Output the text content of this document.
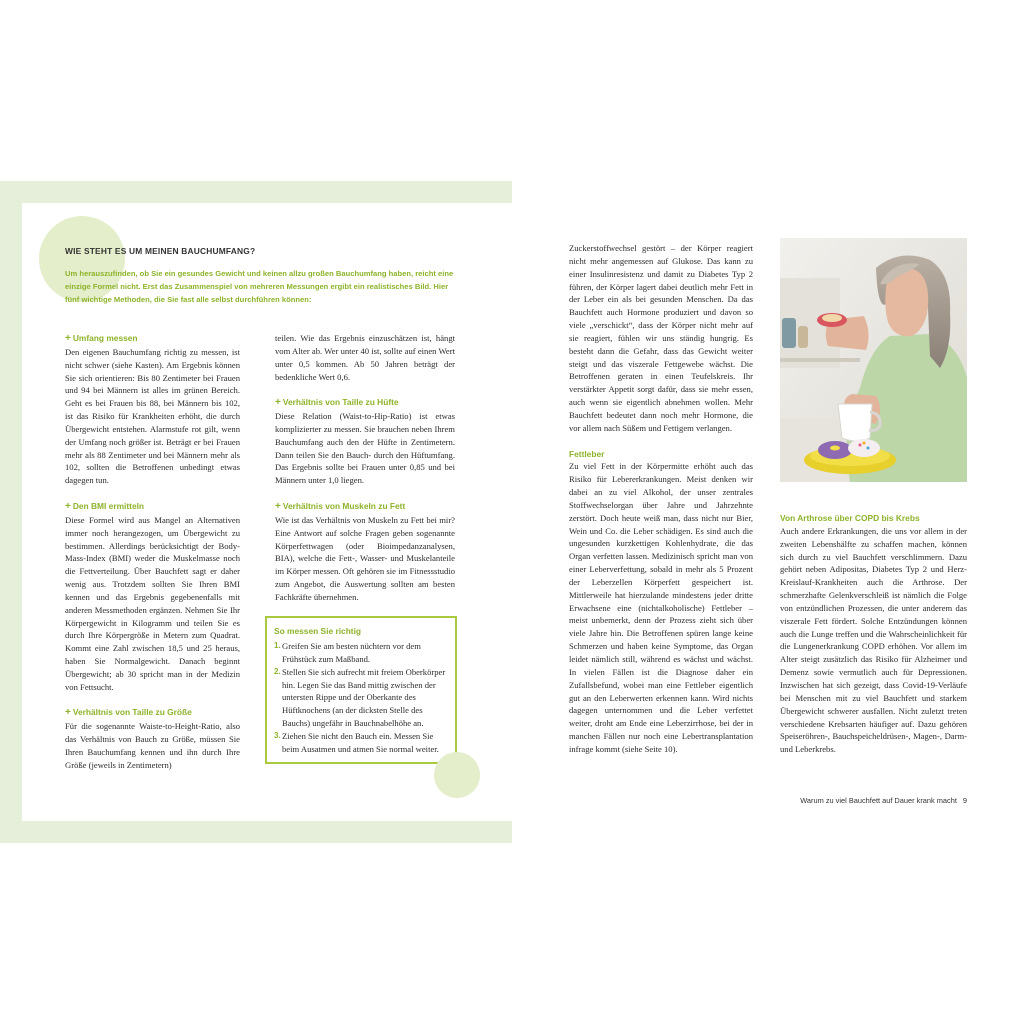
WIE STEHT ES UM MEINEN BAUCHUMFANG?
Um herauszufinden, ob Sie ein gesundes Gewicht und keinen allzu großen Bauchumfang haben, reicht eine einzige Formel nicht. Erst das Zusammenspiel von mehreren Messungen ergibt ein realistisches Bild. Hier fünf wichtige Methoden, die Sie fast alle selbst durchführen können:
+ Umfang messen

Den eigenen Bauchumfang richtig zu messen, ist nicht schwer (siehe Kasten). Am Ergebnis können Sie sich orientieren: Bis 80 Zentimeter bei Frauen und 94 bei Männern ist alles im grünen Bereich. Geht es bei Frauen bis 88, bei Männern bis 102, ist das Risiko für Krankheiten erhöht, die durch Übergewicht entstehen. Alarmstufe rot gilt, wenn der Umfang noch größer ist. Beträgt er bei Frauen mehr als 88 Zentimeter und bei Männern mehr als 102, sollten die Betroffenen unbedingt etwas dagegen tun.

+ Den BMI ermitteln

Diese Formel wird aus Mangel an Alternativen immer noch herangezogen, um Übergewicht zu bestimmen. Allerdings berücksichtigt der Body-Mass-Index (BMI) weder die Muskelmasse noch die Fettverteilung. Über Bauchfett sagt er daher wenig aus. Trotzdem sollten Sie Ihren BMI kennen und das Ergebnis gegebenenfalls mit anderen Messmethoden ergänzen. Nehmen Sie Ihr Körpergewicht in Kilogramm und teilen Sie es durch Ihre Körpergröße in Metern zum Quadrat. Kommt eine Zahl zwischen 18,5 und 25 heraus, haben Sie Normalgewicht. Danach beginnt Übergewicht; ab 30 spricht man in der Medizin von Fettsucht.

+ Verhältnis von Taille zu Größe

Für die sogenannte Waiste-to-Height-Ratio, also das Verhältnis von Bauch zu Größe, müssen Sie Ihren Bauchumfang kennen und ihn durch Ihre Größe (jeweils in Zentimetern)

teilen. Wie das Ergebnis einzuschätzen ist, hängt vom Alter ab. Wer unter 40 ist, sollte auf einen Wert unter 0,5 kommen. Ab 50 Jahren beträgt der bedenkliche Wert 0,6.

+ Verhältnis von Taille zu Hüfte

Diese Relation (Waist-to-Hip-Ratio) ist etwas komplizierter zu messen. Sie brauchen neben Ihrem Bauchumfang auch den der Hüfte in Zentimetern. Dann teilen Sie den Bauch- durch den Hüftumfang. Das Ergebnis sollte bei Frauen unter 0,85 und bei Männern unter 1,0 liegen.

+ Verhältnis von Muskeln zu Fett

Wie ist das Verhältnis von Muskeln zu Fett bei mir? Eine Antwort auf solche Fragen geben sogenannte Körperfettwagen (oder Bioimpedanzanalysen, BIA), welche die Fett-, Wasser- und Muskelanteile im Körper messen. Oft gehören sie im Fitnessstudio zum Angebot, die Auswertung sollten am besten Fachkräfte übernehmen.

So messen Sie richtig
1. Greifen Sie am besten nüchtern vor dem Frühstück zum Maßband.
2. Stellen Sie sich aufrecht mit freiem Oberkörper hin. Legen Sie das Band mittig zwischen der untersten Rippe und der Oberkante des Hüftknochens (an der dicksten Stelle des Bauchs) ungefähr in Bauchnabelhöhe an.
3. Ziehen Sie nicht den Bauch ein. Messen Sie beim Ausatmen und atmen Sie normal weiter.

Zuckerstoffwechsel gestört – der Körper reagiert nicht mehr angemessen auf Glukose. Das kann zu einer Insulinresistenz und damit zu Diabetes Typ 2 führen, der Körper lagert dabei deutlich mehr Fett in der Leber ein als bei gesunden Menschen. Da das Bauchfett auch Hormone produziert und davon so viele „verschickt“, dass der Körper nicht mehr auf sie reagiert, fühlen wir uns ständig hungrig. Es besteht dann die Gefahr, dass das Gewicht weiter steigt und das viszerale Fettgewebe wächst. Die Betroffenen geraten in einen Teufelskreis. Ihr verstärkter Appetit sorgt dafür, dass sie mehr essen, auch wenn sie eigentlich abnehmen wollen. Mehr Bauchfett bedeutet dann noch mehr Hormone, die vor allem nach Süßem und Fettigem verlangen.

Fettleber

Zu viel Fett in der Körpermitte erhöht auch das Risiko für Lebererkrankungen. Meist denken wir dabei an zu viel Alkohol, der unser zentrales Stoffwechselorgan über Jahre und Jahrzehnte zerstört. Doch heute weiß man, dass nicht nur Bier, Wein und Co. die Leber schädigen. Es sind auch die ungesunden kurzkettigen Kohlenhydrate, die das Organ verfetten lassen. Medizinisch spricht man von einer Leberverfettung, sobald in mehr als 5 Prozent der Leberzellen Körperfett gespeichert ist. Mittlerweile hat hierzulande mindestens jeder dritte Erwachsene eine (nichtalkoholische) Fettleber – meist unbemerkt, denn der Prozess zieht sich über viele Jahre hin. Die Betroffenen spüren lange keine Schmerzen und haben keine Symptome, das Organ leidet nämlich still, während es wächst und wächst. In vielen Fällen ist die Diagnose daher ein Zufallsbefund, wobei man eine Fettleber eigentlich gut an den Leberwerten erkennen kann. Wird nichts dagegen unternommen und die Leber verfettet weiter, droht am Ende eine Leberzirrhose, bei der in manchen Fällen nur noch eine Lebertransplantation infrage kommt (siehe Seite 10).

Von Arthrose über COPD bis Krebs

Auch andere Erkrankungen, die uns vor allem in der zweiten Lebenshälfte zu schaffen machen, können sich durch zu viel Bauchfett verschlimmern. Dazu gehört neben Adipositas, Diabetes Typ 2 und Herz-Kreislauf-Krankheiten auch die Arthrose. Der schmerzhafte Gelenkverschleiß ist nämlich die Folge von entzündlichen Prozessen, die unter anderem das viszerale Fett fördert. Solche Entzündungen können auch die Lunge treffen und die Wahrscheinlichkeit für die Lungenerkrankung COPD erhöhen. Vor allem im Alter steigt zusätzlich das Risiko für Alzheimer und Demenz sowie vermutlich auch für Depressionen. Inzwischen hat sich gezeigt, dass Covid-19-Verläufe bei Menschen mit zu viel Bauchfett und starkem Übergewicht schwerer ausfallen. Nicht zuletzt treten verschiedene Krebsarten häufiger auf. Dazu gehören Speiseröhren-, Bauchspeicheldrüsen-, Magen-, Darm- und Leberkrebs.

Warum zu viel Bauchfett auf Dauer krank macht 9
